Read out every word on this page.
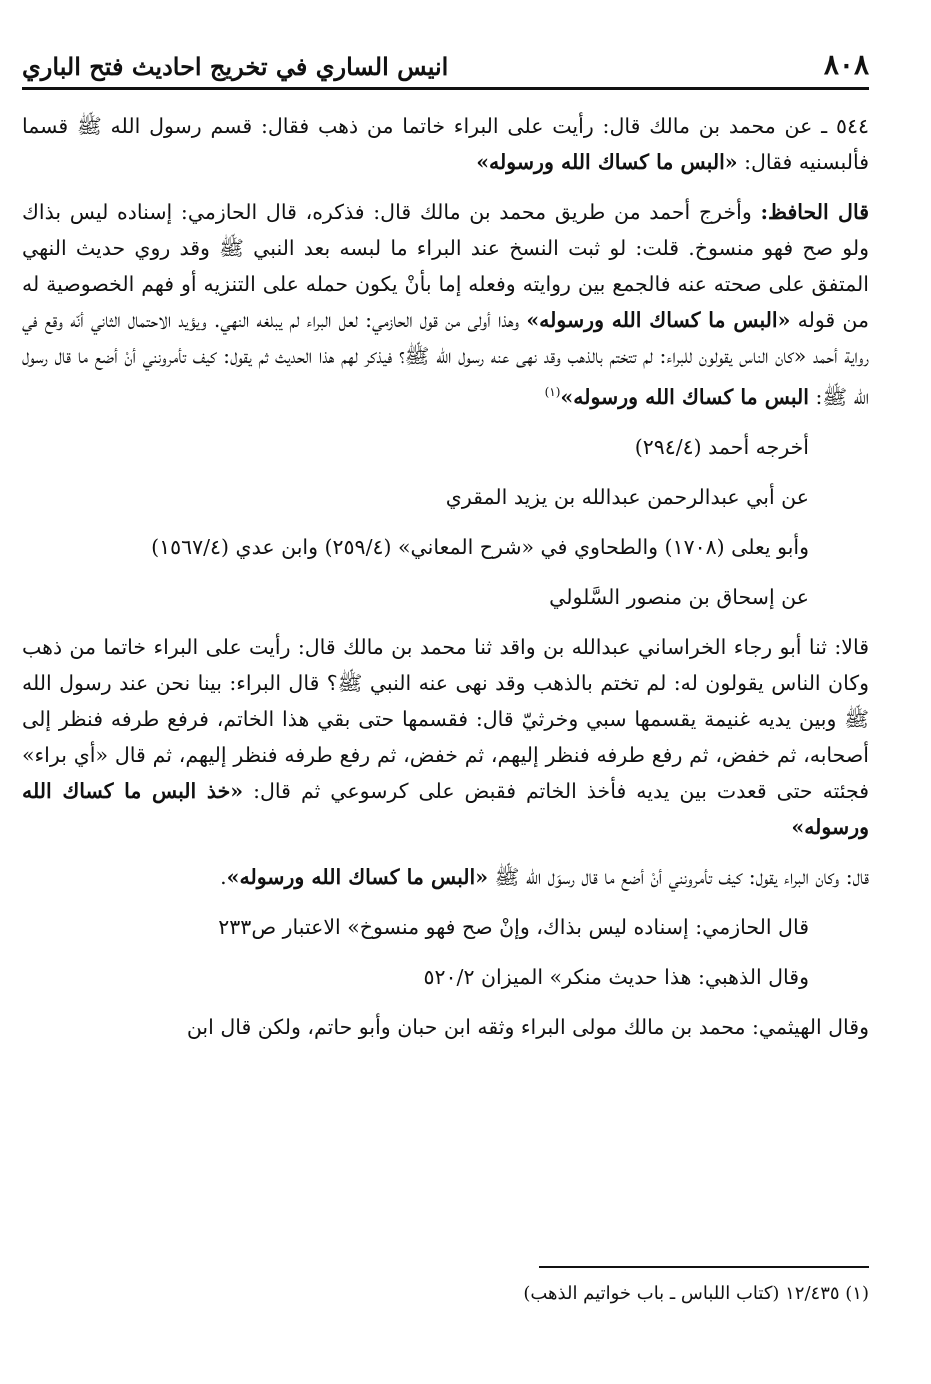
٨٠٨
انيس الساري في تخريج احاديث فتح الباري

٥٤٤ ـ عن محمد بن مالك قال: رأيت على البراء خاتما من ذهب فقال: قسم رسول الله ﷺ قسما فألبسنيه فقال: «البس ما كساك الله ورسوله»

قال الحافظ: وأخرج أحمد من طريق محمد بن مالك قال: فذكره، قال الحازمي: إسناده ليس بذاك ولو صح فهو منسوخ. قلت: لو ثبت النسخ عند البراء ما لبسه بعد النبي ﷺ وقد روي حديث النهي المتفق على صحته عنه فالجمع بين روايته وفعله إما بأنْ يكون حمله على التنزيه أو فهم الخصوصية له من قوله «البس ما كساك الله ورسوله» وهذا أولى من قول الحازمي: لعل البراء لم يبلغه النهي. ويؤيد الاحتمال الثاني أنّه وقع في رواية أحمد «كان الناس يقولون للبراء: لم تتختم بالذهب وقد نهى عنه رسول الله ﷺ؟ فيذكر لهم هذا الحديث ثم يقول: كيف تأمرونني أنْ أضع ما قال رسول الله ﷺ: البس ما كساك الله ورسوله»$^{(١)}$

أخرجه أحمد (٢٩٤/٤)

عن أبي عبدالرحمن عبدالله بن يزيد المقري

وأبو يعلى (١٧٠٨) والطحاوي في «شرح المعاني» (٢٥٩/٤) وابن عدي (١٥٦٧/٤)

عن إسحاق بن منصور السَّلولي

قالا: ثنا أبو رجاء الخراساني عبدالله بن واقد ثنا محمد بن مالك قال: رأيت على البراء خاتما من ذهب وكان الناس يقولون له: لم تختم بالذهب وقد نهى عنه النبي ﷺ؟ قال البراء: بينا نحن عند رسول الله ﷺ وبين يديه غنيمة يقسمها سبي وخرثيّ قال: فقسمها حتى بقي هذا الخاتم، فرفع طرفه فنظر إلى أصحابه، ثم خفض، ثم رفع طرفه فنظر إليهم، ثم خفض، ثم رفع طرفه فنظر إليهم، ثم قال «أي براء» فجئته حتى قعدت بين يديه فأخذ الخاتم فقبض على كرسوعي ثم قال: «خذ البس ما كساك الله ورسوله»

قال: وكان البراء يقول: كيف تأمرونني أنْ أضع ما قال رسوَل الله ﷺ «البس ما كساك الله ورسوله».

قال الحازمي: إسناده ليس بذاك، وإنْ صح فهو منسوخ» الاعتبار ص٢٣٣

وقال الذهبي: هذا حديث منكر» الميزان ٥٢٠/٢

وقال الهيثمي: محمد بن مالك مولى البراء وثقه ابن حبان وأبو حاتم، ولكن قال ابن

(١) ١٢/٤٣٥ (كتاب اللباس ـ باب خواتيم الذهب)
